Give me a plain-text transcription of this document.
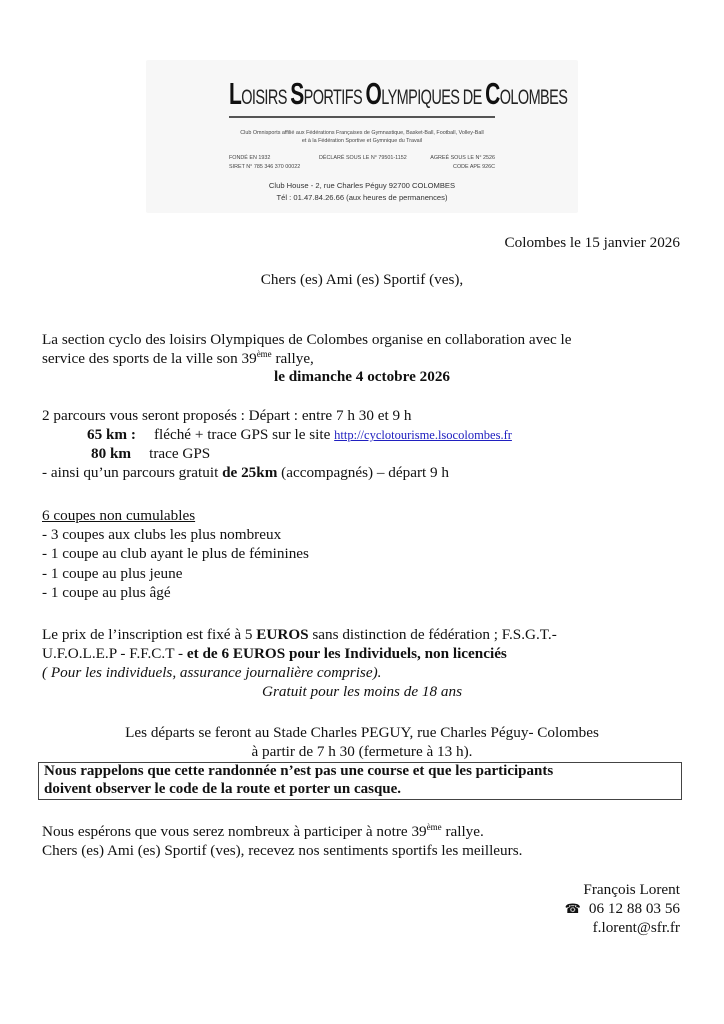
LOISIRS SPORTIFS OLYMPIQUES DE COLOMBES
Club Omnisports affilié aux Fédérations Françaises de Gymnastique, Basket-Ball, Football, Volley-Ball
et à la Fédération Sportive et Gymnique du Travail
FONDÉ EN 1932
SIRET N° 785 346 370 00022
DÉCLARÉ SOUS LE N° 79501-1152	AGREÉ SOUS LE N° 2526
CODE APE 926C
Club House - 2, rue Charles Péguy 92700 COLOMBES
Tél : 01.47.84.26.66 (aux heures de permanences)
Colombes le 15 janvier 2026
Chers (es) Ami (es) Sportif (ves),
La section cyclo des loisirs Olympiques de Colombes organise en collaboration avec le
service des sports de la ville son 39ème rallye,
le dimanche 4 octobre 2026
2 parcours vous seront proposés : Départ : entre 7 h 30 et 9 h
65 km : fléché + trace GPS sur le site http://cyclotourisme.lsocolombes.fr
80 km trace GPS
- ainsi qu’un parcours gratuit de 25km (accompagnés) – départ 9 h
6 coupes non cumulables
- 3 coupes aux clubs les plus nombreux
- 1 coupe au club ayant le plus de féminines
- 1 coupe au plus jeune
- 1 coupe au plus âgé
Le prix de l’inscription est fixé à 5 EUROS sans distinction de fédération ; F.S.G.T.-
U.F.O.L.E.P - F.F.C.T - et de 6 EUROS pour les Individuels, non licenciés
( Pour les individuels, assurance journalière comprise).
Gratuit pour les moins de 18 ans
Les départs se feront au Stade Charles PEGUY, rue Charles Péguy- Colombes
à partir de 7 h 30 (fermeture à 13 h).
Nous rappelons que cette randonnée n’est pas une course et que les participants
doivent observer le code de la route et porter un casque.
Nous espérons que vous serez nombreux à participer à notre 39ème rallye.
Chers (es) Ami (es) Sportif (ves), recevez nos sentiments sportifs les meilleurs.
François Lorent
☎ 06 12 88 03 56
f.lorent@sfr.fr
